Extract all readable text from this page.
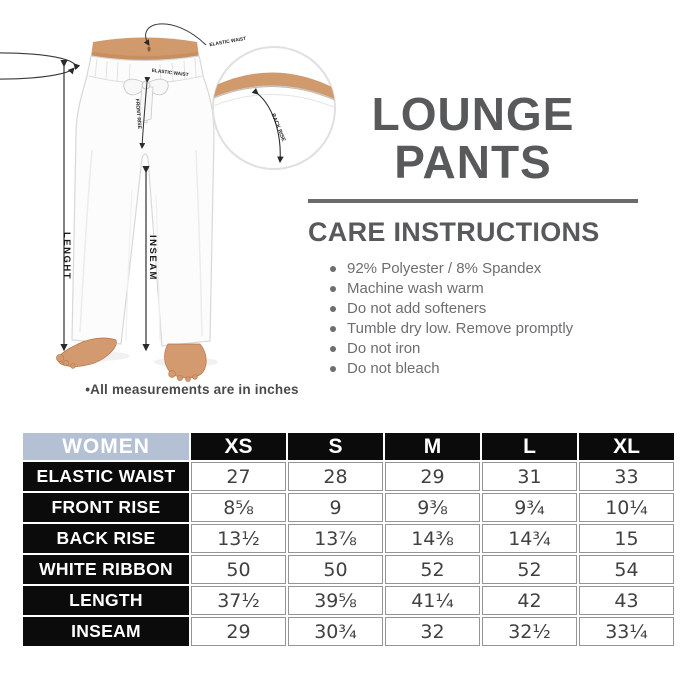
ELASTIC WAIST
ELASTIC WAIST
FRONT RISE
LENGHT	INSEAM
BACK RISE
•All measurements are in inches
LOUNGE
PANTS
CARE INSTRUCTIONS
92% Polyester / 8% Spandex
Machine wash warm
Do not add softeners
Tumble dry low. Remove promptly
Do not iron
Do not bleach
WOMEN	XS	S	M	L	XL
ELASTIC WAIST	27	28	29	31	33
FRONT RISE	8⅝	9	9⅜	9¾	10¼
BACK RISE	13½	13⅞	14⅜	14¾	15
WHITE RIBBON	50	50	52	52	54
LENGTH	37½	39⅝	41¼	42	43
INSEAM	29	30¾	32	32½	33¼
